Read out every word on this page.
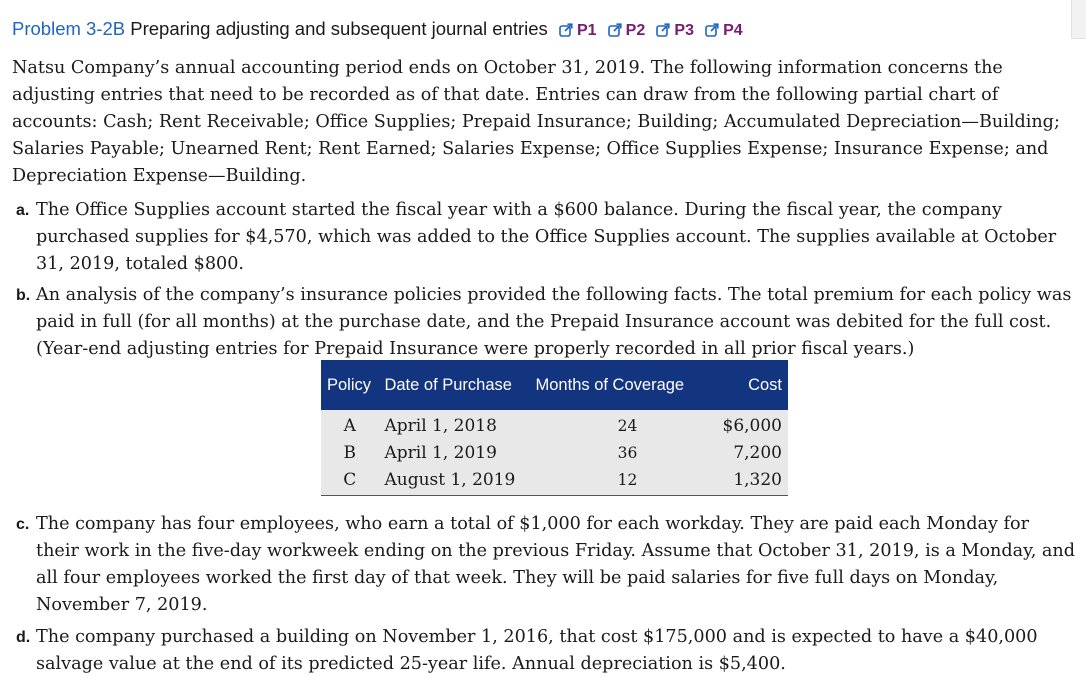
Problem 3-2B Preparing adjusting and subsequent journal entries P1 P2 P3 P4
Natsu Company’s annual accounting period ends on October 31, 2019. The following information concerns the adjusting entries that need to be recorded as of that date. Entries can draw from the following partial chart of accounts: Cash; Rent Receivable; Office Supplies; Prepaid Insurance; Building; Accumulated Depreciation—Building; Salaries Payable; Unearned Rent; Rent Earned; Salaries Expense; Office Supplies Expense; Insurance Expense; and Depreciation Expense—Building.
a. The Office Supplies account started the fiscal year with a $600 balance. During the fiscal year, the company purchased supplies for $4,570, which was added to the Office Supplies account. The supplies available at October 31, 2019, totaled $800.
b. An analysis of the company’s insurance policies provided the following facts. The total premium for each policy was paid in full (for all months) at the purchase date, and the Prepaid Insurance account was debited for the full cost. (Year-end adjusting entries for Prepaid Insurance were properly recorded in all prior fiscal years.)
Policy	Date of Purchase	Months of Coverage	Cost
A	April 1, 2018	24	$6,000
B	April 1, 2019	36	7,200
C	August 1, 2019	12	1,320
c. The company has four employees, who earn a total of $1,000 for each workday. They are paid each Monday for their work in the five-day workweek ending on the previous Friday. Assume that October 31, 2019, is a Monday, and all four employees worked the first day of that week. They will be paid salaries for five full days on Monday, November 7, 2019.
d. The company purchased a building on November 1, 2016, that cost $175,000 and is expected to have a $40,000 salvage value at the end of its predicted 25-year life. Annual depreciation is $5,400.
